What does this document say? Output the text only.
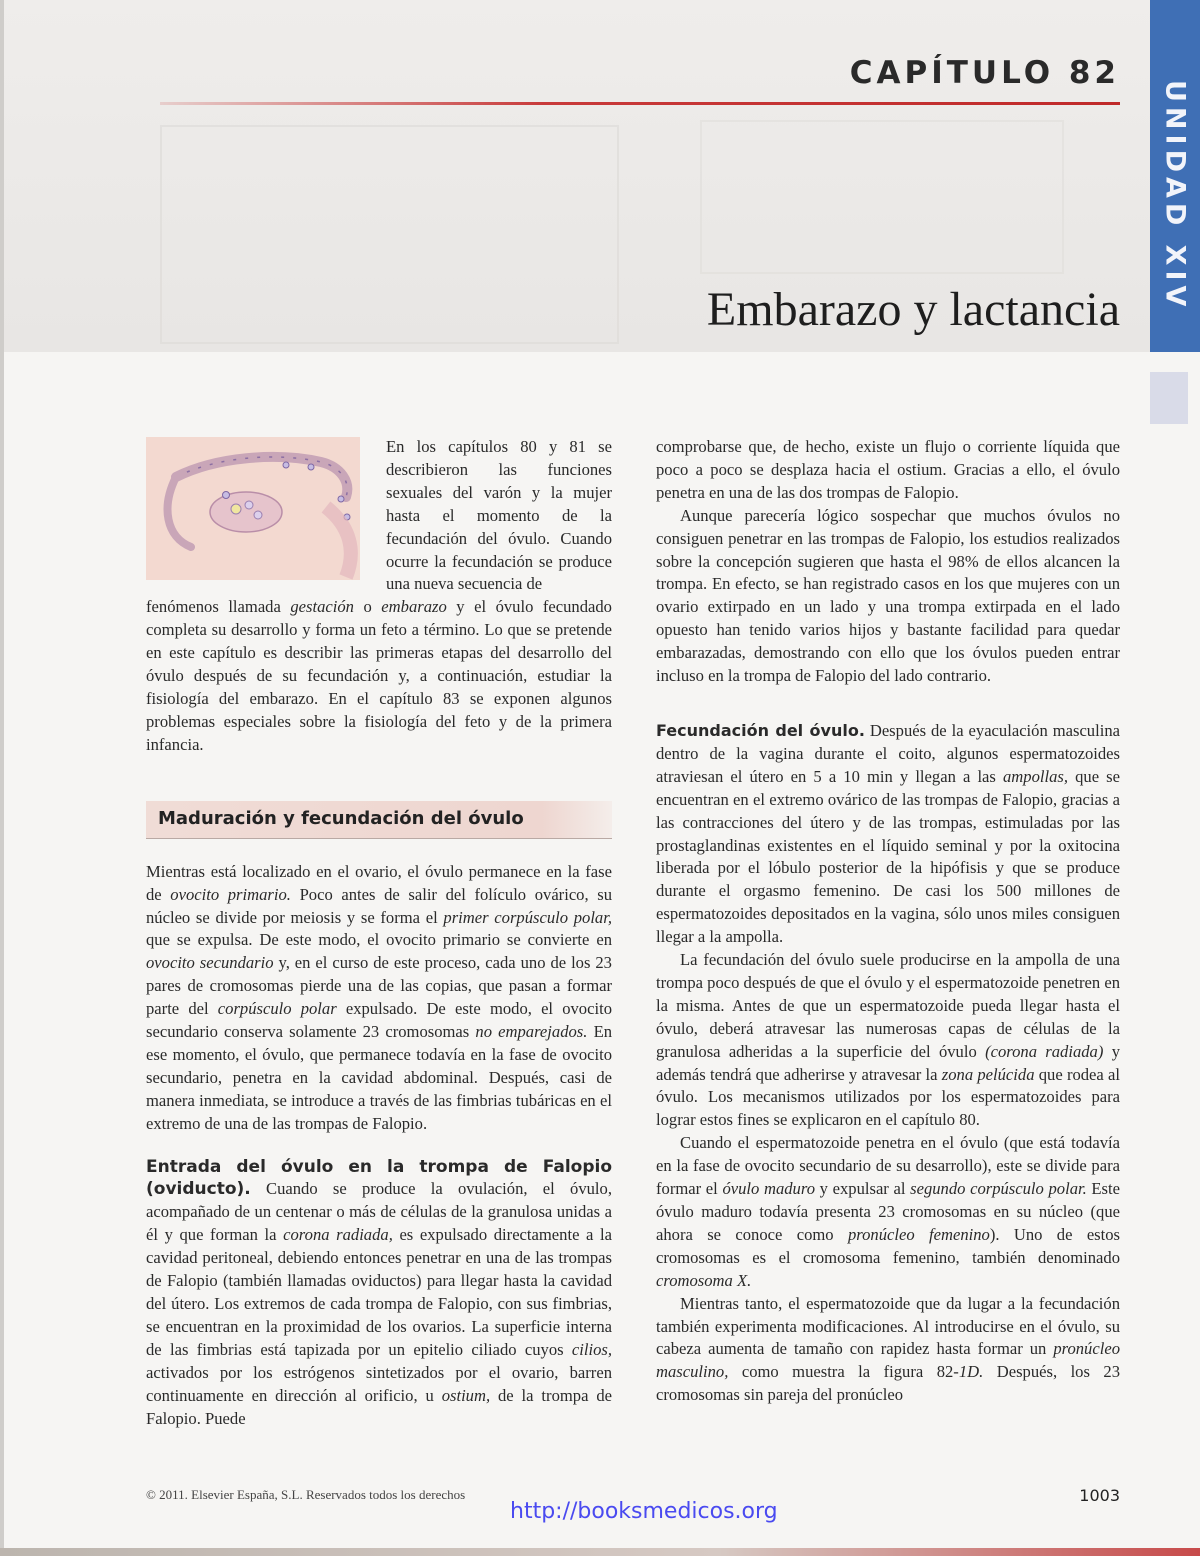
CAPÍTULO 82
Embarazo y lactancia UNIDAD XIV

En los capítulos 80 y 81 se describieron las funciones sexuales del varón y la mujer hasta el momento de la fecundación del óvulo. Cuando ocurre la fecundación se produce una nueva secuencia de

fenómenos llamada gestación o embarazo y el óvulo fecundado completa su desarrollo y forma un feto a término. Lo que se pretende en este capítulo es describir las primeras etapas del desarrollo del óvulo después de su fecundación y, a continuación, estudiar la fisiología del embarazo. En el capítulo 83 se exponen algunos problemas especiales sobre la fisiología del feto y de la primera infancia.

Maduración y fecundación del óvulo

Mientras está localizado en el ovario, el óvulo permanece en la fase de ovocito primario. Poco antes de salir del folículo ovárico, su núcleo se divide por meiosis y se forma el primer corpúsculo polar, que se expulsa. De este modo, el ovocito primario se convierte en ovocito secundario y, en el curso de este proceso, cada uno de los 23 pares de cromosomas pierde una de las copias, que pasan a formar parte del corpúsculo polar expulsado. De este modo, el ovocito secundario conserva solamente 23 cromosomas no emparejados. En ese momento, el óvulo, que permanece todavía en la fase de ovocito secundario, penetra en la cavidad abdominal. Después, casi de manera inmediata, se introduce a través de las fimbrias tubáricas en el extremo de una de las trompas de Falopio.

Entrada del óvulo en la trompa de Falopio (oviducto). Cuando se produce la ovulación, el óvulo, acompañado de un centenar o más de células de la granulosa unidas a él y que forman la corona radiada, es expulsado directamente a la cavidad peritoneal, debiendo entonces penetrar en una de las trompas de Falopio (también llamadas oviductos) para llegar hasta la cavidad del útero. Los extremos de cada trompa de Falopio, con sus fimbrias, se encuentran en la proximidad de los ovarios. La superficie interna de las fimbrias está tapizada por un epitelio ciliado cuyos cilios, activados por los estrógenos sintetizados por el ovario, barren continuamente en dirección al orificio, u ostium, de la trompa de Falopio. Puede

comprobarse que, de hecho, existe un flujo o corriente líquida que poco a poco se desplaza hacia el ostium. Gracias a ello, el óvulo penetra en una de las dos trompas de Falopio.

Aunque parecería lógico sospechar que muchos óvulos no consiguen penetrar en las trompas de Falopio, los estudios realizados sobre la concepción sugieren que hasta el 98% de ellos alcancen la trompa. En efecto, se han registrado casos en los que mujeres con un ovario extirpado en un lado y una trompa extirpada en el lado opuesto han tenido varios hijos y bastante facilidad para quedar embarazadas, demostrando con ello que los óvulos pueden entrar incluso en la trompa de Falopio del lado contrario.

Fecundación del óvulo. Después de la eyaculación masculina dentro de la vagina durante el coito, algunos espermatozoides atraviesan el útero en 5 a 10 min y llegan a las ampollas, que se encuentran en el extremo ovárico de las trompas de Falopio, gracias a las contracciones del útero y de las trompas, estimuladas por las prostaglandinas existentes en el líquido seminal y por la oxitocina liberada por el lóbulo posterior de la hipófisis y que se produce durante el orgasmo femenino. De casi los 500 millones de espermatozoides depositados en la vagina, sólo unos miles consiguen llegar a la ampolla.

La fecundación del óvulo suele producirse en la ampolla de una trompa poco después de que el óvulo y el espermatozoide penetren en la misma. Antes de que un espermatozoide pueda llegar hasta el óvulo, deberá atravesar las numerosas capas de células de la granulosa adheridas a la superficie del óvulo (corona radiada) y además tendrá que adherirse y atravesar la zona pelúcida que rodea al óvulo. Los mecanismos utilizados por los espermatozoides para lograr estos fines se explicaron en el capítulo 80.

Cuando el espermatozoide penetra en el óvulo (que está todavía en la fase de ovocito secundario de su desarrollo), este se divide para formar el óvulo maduro y expulsar al segundo corpúsculo polar. Este óvulo maduro todavía presenta 23 cromosomas en su núcleo (que ahora se conoce como pronúcleo femenino). Uno de estos cromosomas es el cromosoma femenino, también denominado cromosoma X.

Mientras tanto, el espermatozoide que da lugar a la fecundación también experimenta modificaciones. Al introducirse en el óvulo, su cabeza aumenta de tamaño con rapidez hasta formar un pronúcleo masculino, como muestra la figura 82-1D. Después, los 23 cromosomas sin pareja del pronúcleo

© 2011. Elsevier España, S.L. Reservados todos los derechos
http://booksmedicos.org
1003
